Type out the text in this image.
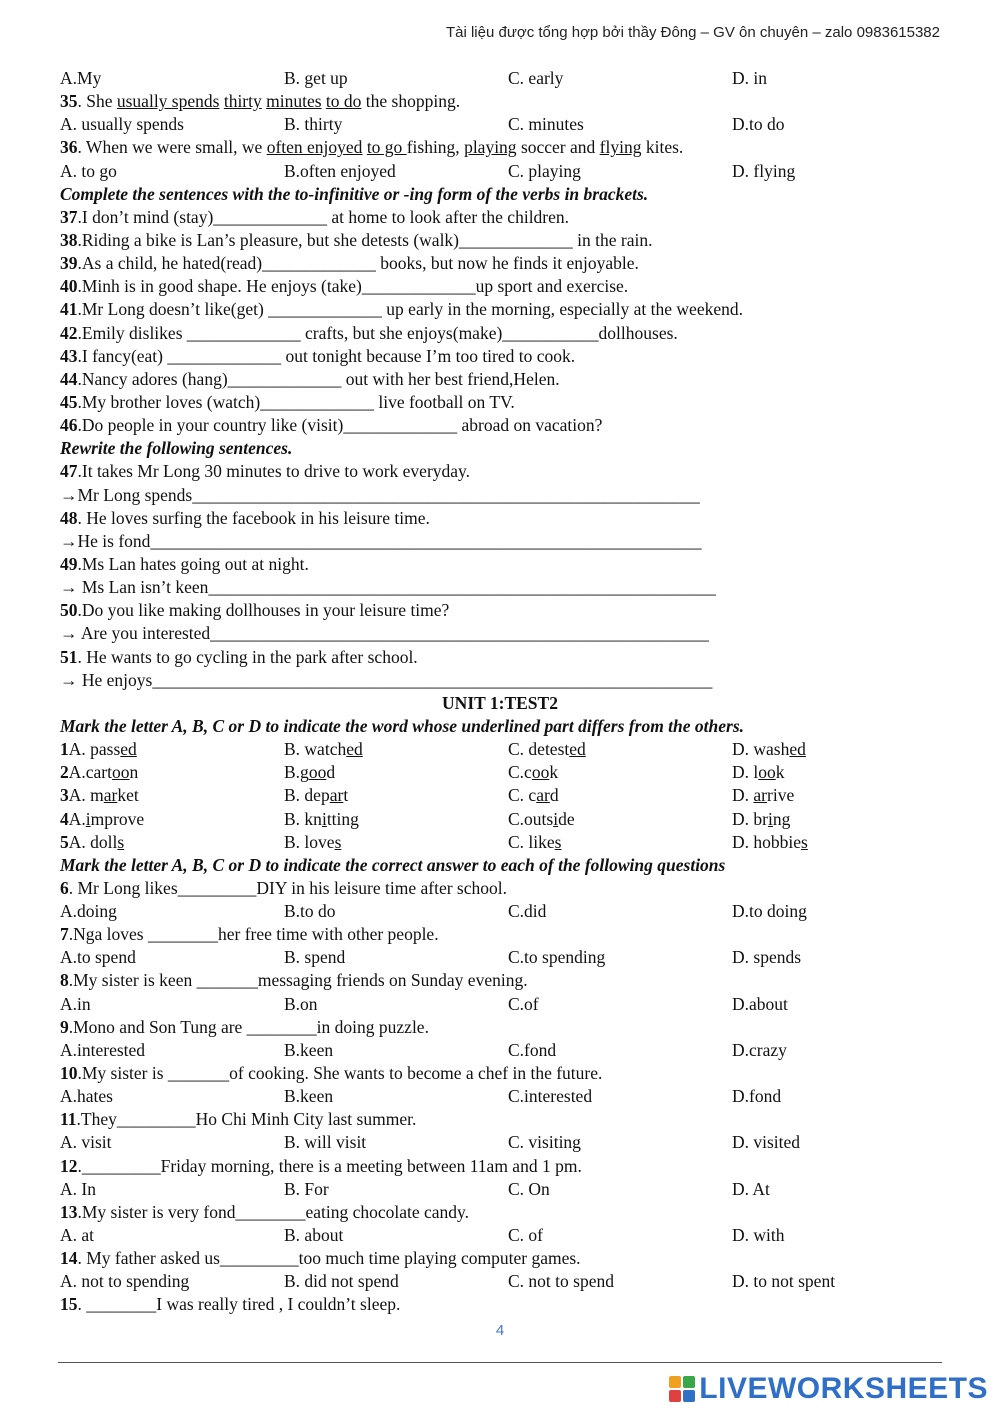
Tài liệu được tổng hợp bởi thầy Đông – GV ôn chuyên – zalo 0983615382
A.My	B. get up	C. early	D. in
35. She usually spends thirty minutes to do the shopping.
A. usually spends	B. thirty	C. minutes	D.to do
36. When we were small, we often enjoyed to go fishing, playing soccer and flying kites.
A. to go	B.often enjoyed	C. playing	D. flying
Complete the sentences with the to-infinitive or -ing form of the verbs in brackets.
37.I don’t mind (stay)_____________ at home to look after the children.
38.Riding a bike is Lan’s pleasure, but she detests (walk)_____________ in the rain.
39.As a child, he hated(read)_____________ books, but now he finds it enjoyable.
40.Minh is in good shape. He enjoys (take)_____________up sport and exercise.
41.Mr Long doesn’t like(get) _____________ up early in the morning, especially at the weekend.
42.Emily dislikes _____________ crafts, but she enjoys(make)___________dollhouses.
43.I fancy(eat) _____________ out tonight because I’m too tired to cook.
44.Nancy adores (hang)_____________ out with her best friend,Helen.
45.My brother loves (watch)_____________ live football on TV.
46.Do people in your country like (visit)_____________ abroad on vacation?
Rewrite the following sentences.
47.It takes Mr Long 30 minutes to drive to work everyday.
→Mr Long spends__________________________________________________________
48. He loves surfing the facebook in his leisure time.
→He is fond_______________________________________________________________
49.Ms Lan hates going out at night.
→ Ms Lan isn’t keen__________________________________________________________
50.Do you like making dollhouses in your leisure time?
→ Are you interested_________________________________________________________
51. He wants to go cycling in the park after school.
→ He enjoys________________________________________________________________
UNIT 1:TEST2
Mark the letter A, B, C or D to indicate the word whose underlined part differs from the others.
1A. passed	B. watched	C. detested	D. washed
2A.cartoon	B.good	C.cook	D. look
3A. market	B. depart	C. card	D. arrive
4A.improve	B. knitting	C.outside	D. bring
5A. dolls	B. loves	C. likes	D. hobbies
Mark the letter A, B, C or D to indicate the correct answer to each of the following questions
6. Mr Long likes_________DIY in his leisure time after school.
A.doing	B.to do	C.did	D.to doing
7.Nga loves ________her free time with other people.
A.to spend	B. spend	C.to spending	D. spends
8.My sister is keen _______messaging friends on Sunday evening.
A.in	B.on	C.of	D.about
9.Mono and Son Tung are ________in doing puzzle.
A.interested	B.keen	C.fond	D.crazy
10.My sister is _______of cooking. She wants to become a chef in the future.
A.hates	B.keen	C.interested	D.fond
11.They_________Ho Chi Minh City last summer.
A. visit	B. will visit	C. visiting	D. visited
12._________Friday morning, there is a meeting between 11am and 1 pm.
A. In	B. For	C. On	D. At
13.My sister is very fond________eating chocolate candy.
A. at	B. about	C. of	D. with
14. My father asked us_________too much time playing computer games.
A. not to spending	B. did not spend	C. not to spend	D. to not spent
15. ________I was really tired , I couldn’t sleep.
4
LIVEWORKSHEETS
